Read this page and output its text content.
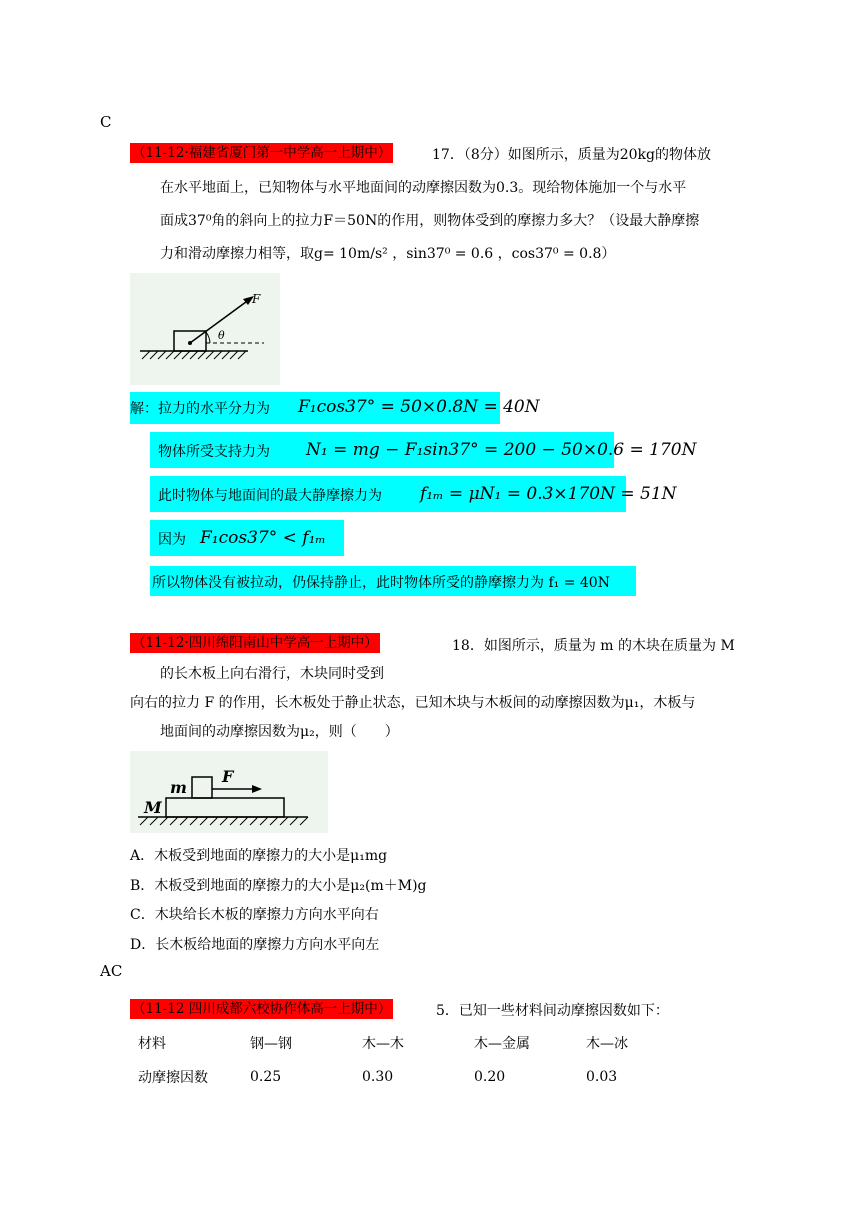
C
（11-12·福建省厦门第一中学高一上期中）	17．（8分）如图所示，质量为20kg的物体放
在水平地面上，已知物体与水平地面间的动摩擦因数为0.3。现给物体施加一个与水平
面成37⁰角的斜向上的拉力F＝50N的作用，则物体受到的摩擦力多大？（设最大静摩擦
力和滑动摩擦力相等，取g= 10m/s² ，sin37⁰ = 0.6 ，cos37⁰ = 0.8）
F
θ
解：拉力的水平分力为 F₁cos37° = 50×0.8N = 40N
物体所受支持力为 N₁ = mg − F₁sin37° = 200 − 50×0.6 = 170N
此时物体与地面间的最大静摩擦力为 f₁ₘ = μN₁ = 0.3×170N = 51N
因为 F₁cos37° < f₁ₘ
所以物体没有被拉动，仍保持静止，此时物体所受的静摩擦力为 f₁ = 40N
（11-12·四川绵阳南山中学高一上期中）	18．如图所示，质量为 m 的木块在质量为 M
的长木板上向右滑行，木块同时受到
向右的拉力 F 的作用，长木板处于静止状态，已知木块与木板间的动摩擦因数为μ₁，木板与
地面间的动摩擦因数为μ₂，则（　　）
m
M
F
A．木板受到地面的摩擦力的大小是μ₁mg
B．木板受到地面的摩擦力的大小是μ₂(m＋M)g
C．木块给长木板的摩擦力方向水平向右
D．长木板给地面的摩擦力方向水平向左
AC
（11-12 四川成都六校协作体高一上期中）	5．已知一些材料间动摩擦因数如下：
材料	钢—钢	木—木	木—金属	木—冰
动摩擦因数	0.25	0.30	0.20	0.03
